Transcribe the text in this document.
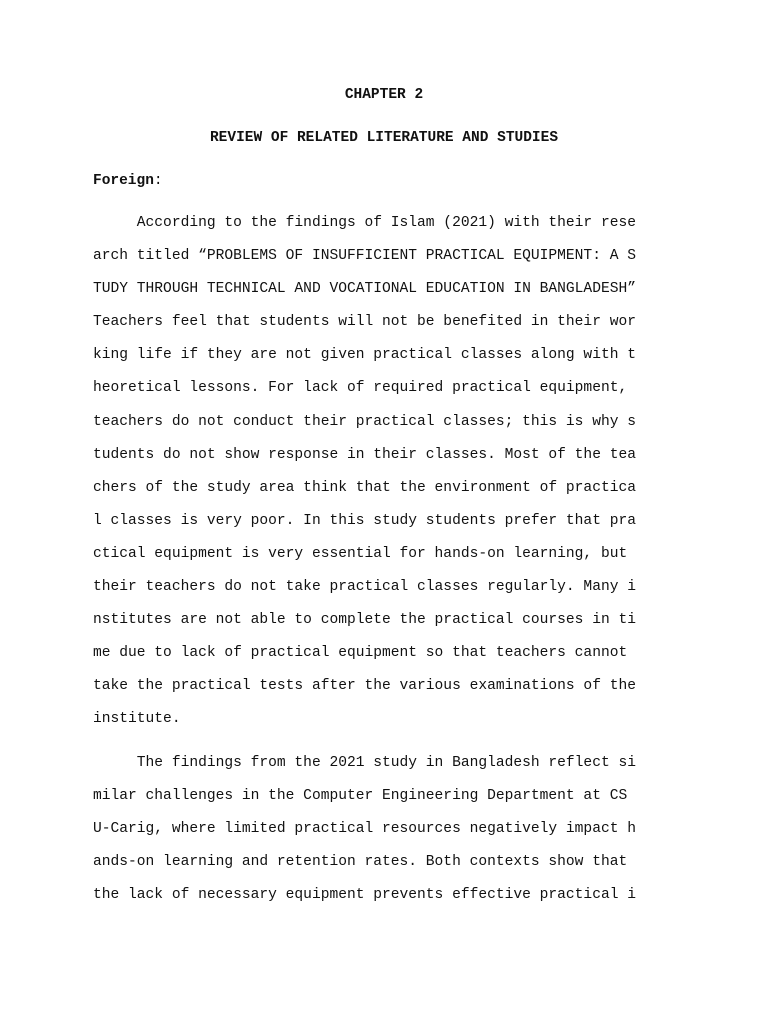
CHAPTER 2
REVIEW OF RELATED LITERATURE AND STUDIES
Foreign:
According to the findings of Islam (2021) with their rese
arch titled “PROBLEMS OF INSUFFICIENT PRACTICAL EQUIPMENT: A S
TUDY THROUGH TECHNICAL AND VOCATIONAL EDUCATION IN BANGLADESH”
Teachers feel that students will not be benefited in their wor
king life if they are not given practical classes along with t
heoretical lessons. For lack of required practical equipment,
teachers do not conduct their practical classes; this is why s
tudents do not show response in their classes. Most of the tea
chers of the study area think that the environment of practica
l classes is very poor. In this study students prefer that pra
ctical equipment is very essential for hands-on learning, but
their teachers do not take practical classes regularly. Many i
nstitutes are not able to complete the practical courses in ti
me due to lack of practical equipment so that teachers cannot
take the practical tests after the various examinations of the
institute.
The findings from the 2021 study in Bangladesh reflect si
milar challenges in the Computer Engineering Department at CS
U-Carig, where limited practical resources negatively impact h
ands-on learning and retention rates. Both contexts show that
the lack of necessary equipment prevents effective practical i
